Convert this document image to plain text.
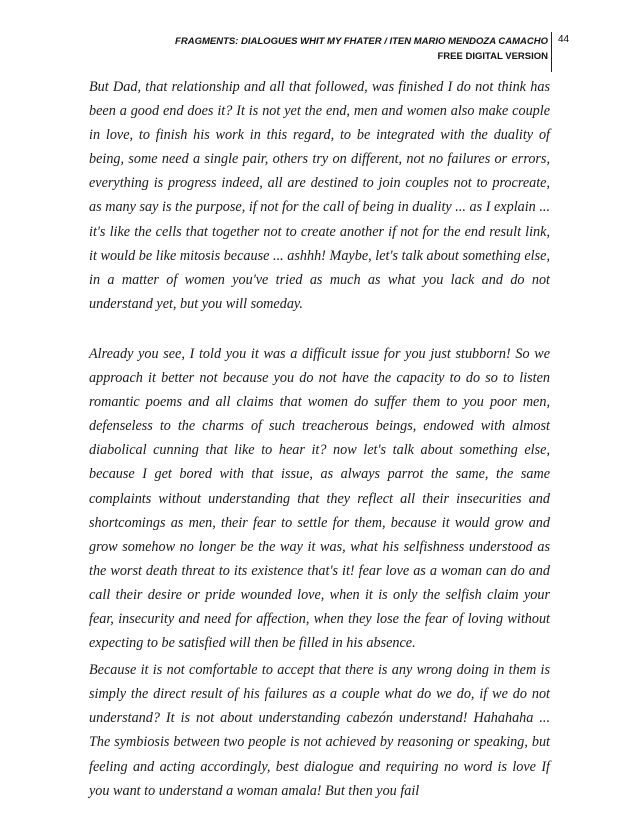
FRAGMENTS: DIALOGUES WHIT MY FHATER / ITEN MARIO MENDOZA CAMACHO
FREE DIGITAL VERSION
44

But Dad, that relationship and all that followed, was finished I do not think has been a good end does it? It is not yet the end, men and women also make couple in love, to finish his work in this regard, to be integrated with the duality of being, some need a single pair, others try on different, not no failures or errors, everything is progress indeed, all are destined to join couples not to procreate, as many say is the purpose, if not for the call of being in duality ... as I explain ... it's like the cells that together not to create another if not for the end result link, it would be like mitosis because ... ashhh! Maybe, let's talk about something else, in a matter of women you've tried as much as what you lack and do not understand yet, but you will someday.

Already you see, I told you it was a difficult issue for you just stubborn! So we approach it better not because you do not have the capacity to do so to listen romantic poems and all claims that women do suffer them to you poor men, defenseless to the charms of such treacherous beings, endowed with almost diabolical cunning that like to hear it? now let's talk about something else, because I get bored with that issue, as always parrot the same, the same complaints without understanding that they reflect all their insecurities and shortcomings as men, their fear to settle for them, because it would grow and grow somehow no longer be the way it was, what his selfishness understood as the worst death threat to its existence that's it! fear love as a woman can do and call their desire or pride wounded love, when it is only the selfish claim your fear, insecurity and need for affection, when they lose the fear of loving without expecting to be satisfied will then be filled in his absence.

Because it is not comfortable to accept that there is any wrong doing in them is simply the direct result of his failures as a couple what do we do, if we do not understand? It is not about understanding cabezón understand! Hahahaha ... The symbiosis between two people is not achieved by reasoning or speaking, but feeling and acting accordingly, best dialogue and requiring no word is love If you want to understand a woman amala! But then you fail
